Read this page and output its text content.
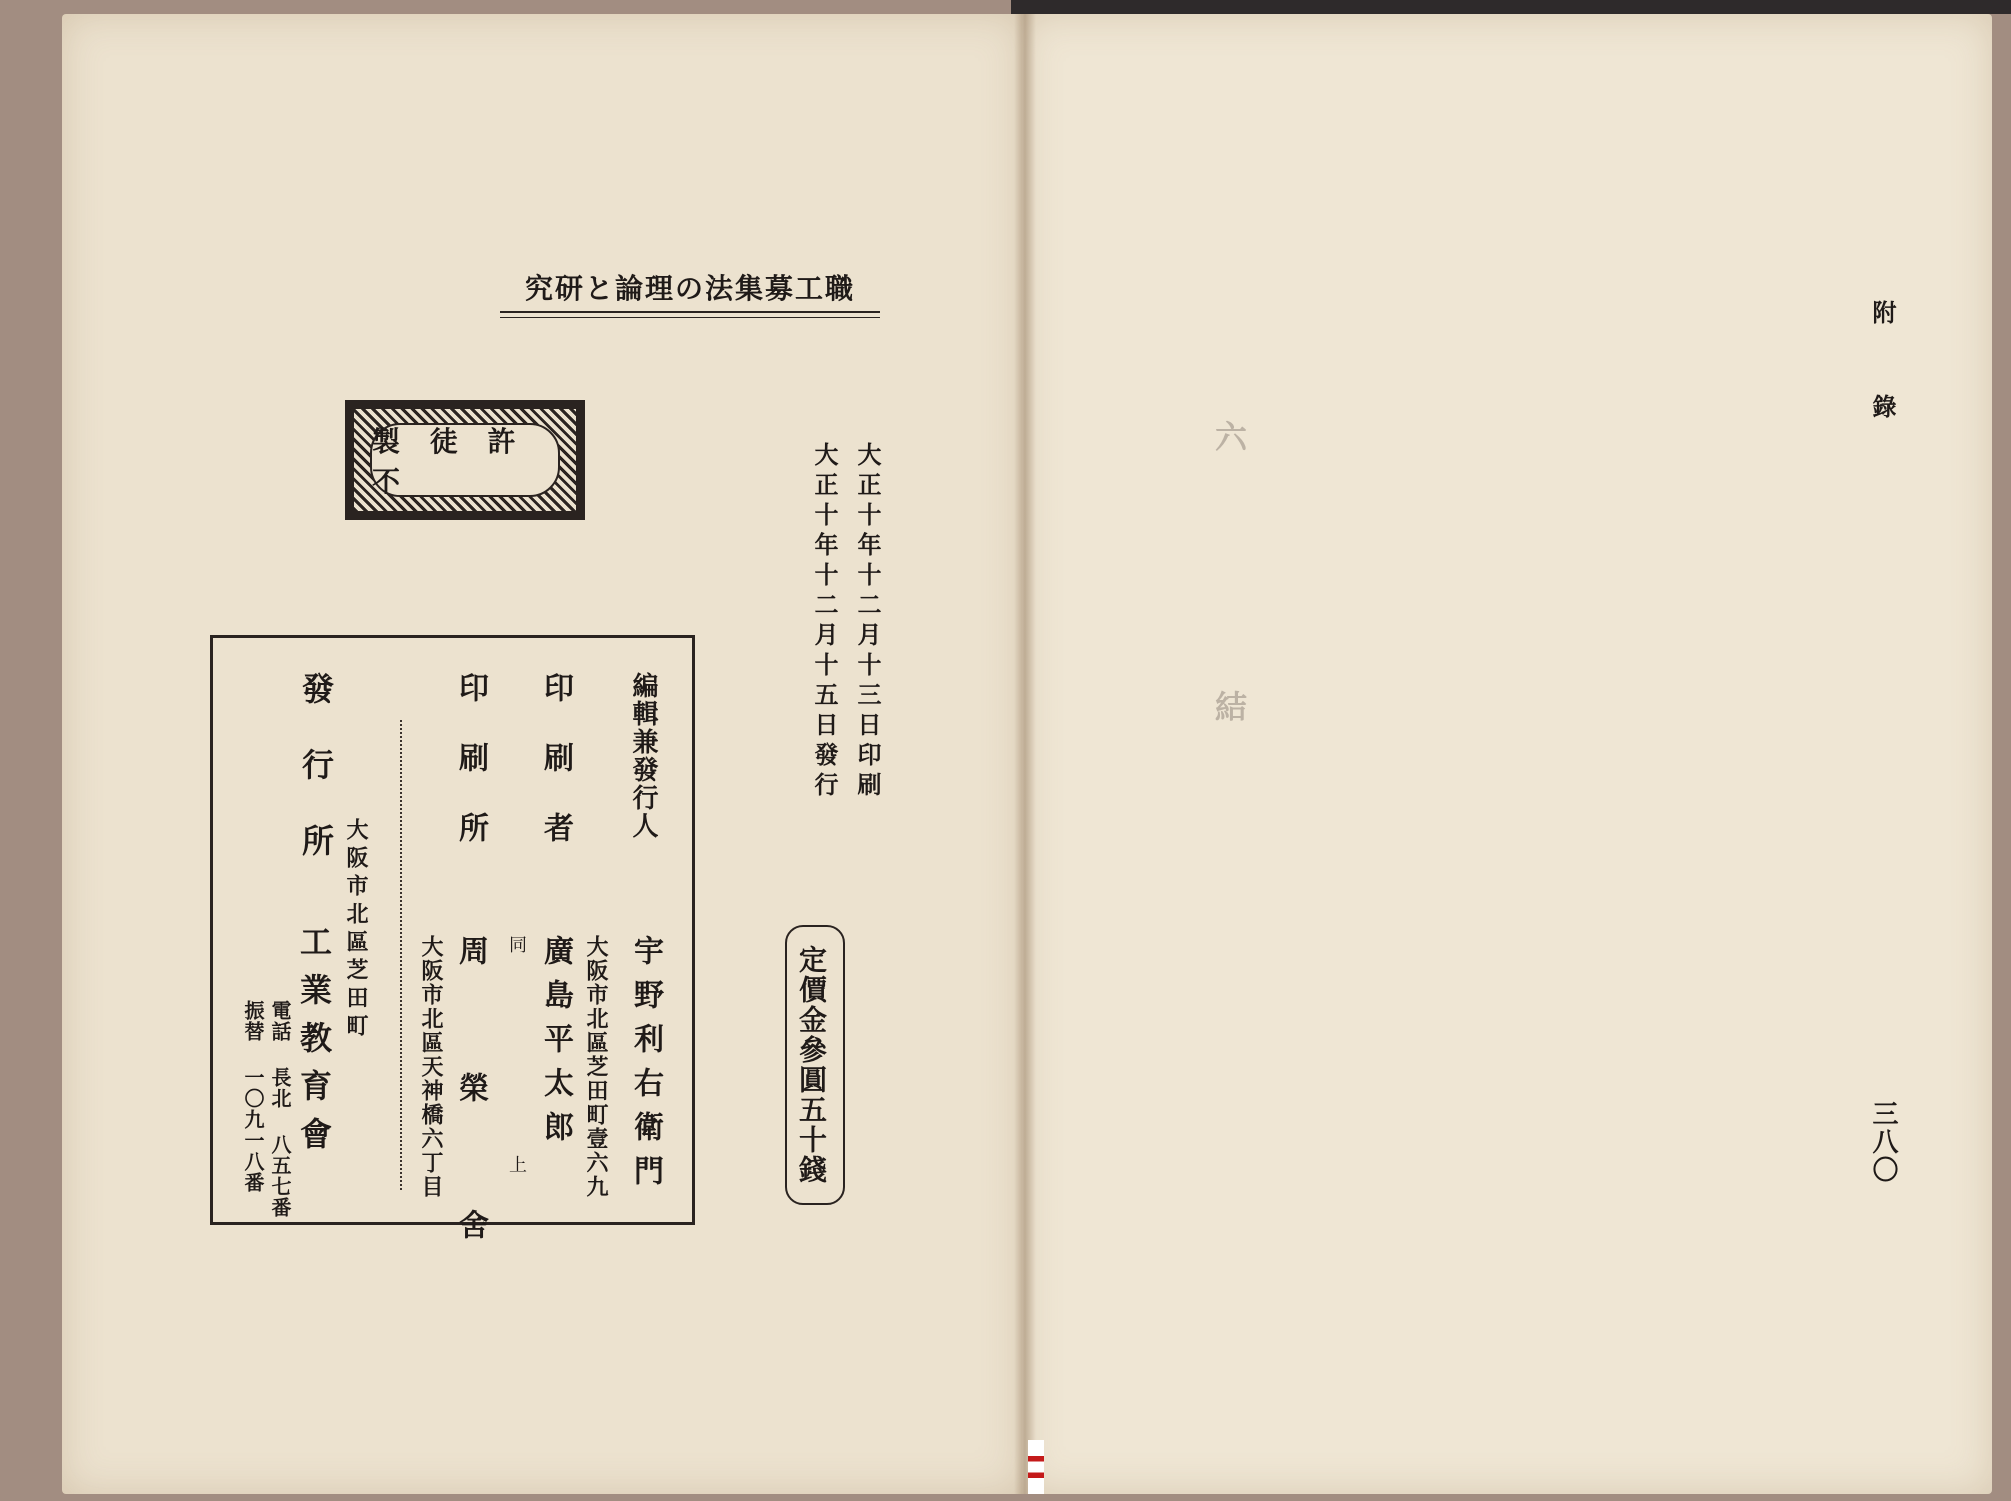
究研と論理の法集募工職
製 徒 許 不	大正十年十二月十三日印刷
大正十年十二月十五日發行
編輯兼發行人
宇野利右衛門
大阪市北區芝田町壹六九
印刷者
同 廣島平太郎
印刷所
大阪市北區天神橋六丁目 周 榮 舍 上
發行所
大阪市北區芝田町
工業教育會
電話 長北 八五七番
振替 一〇九一八番	定價金參圓五十錢
附錄
三八〇
六
結
